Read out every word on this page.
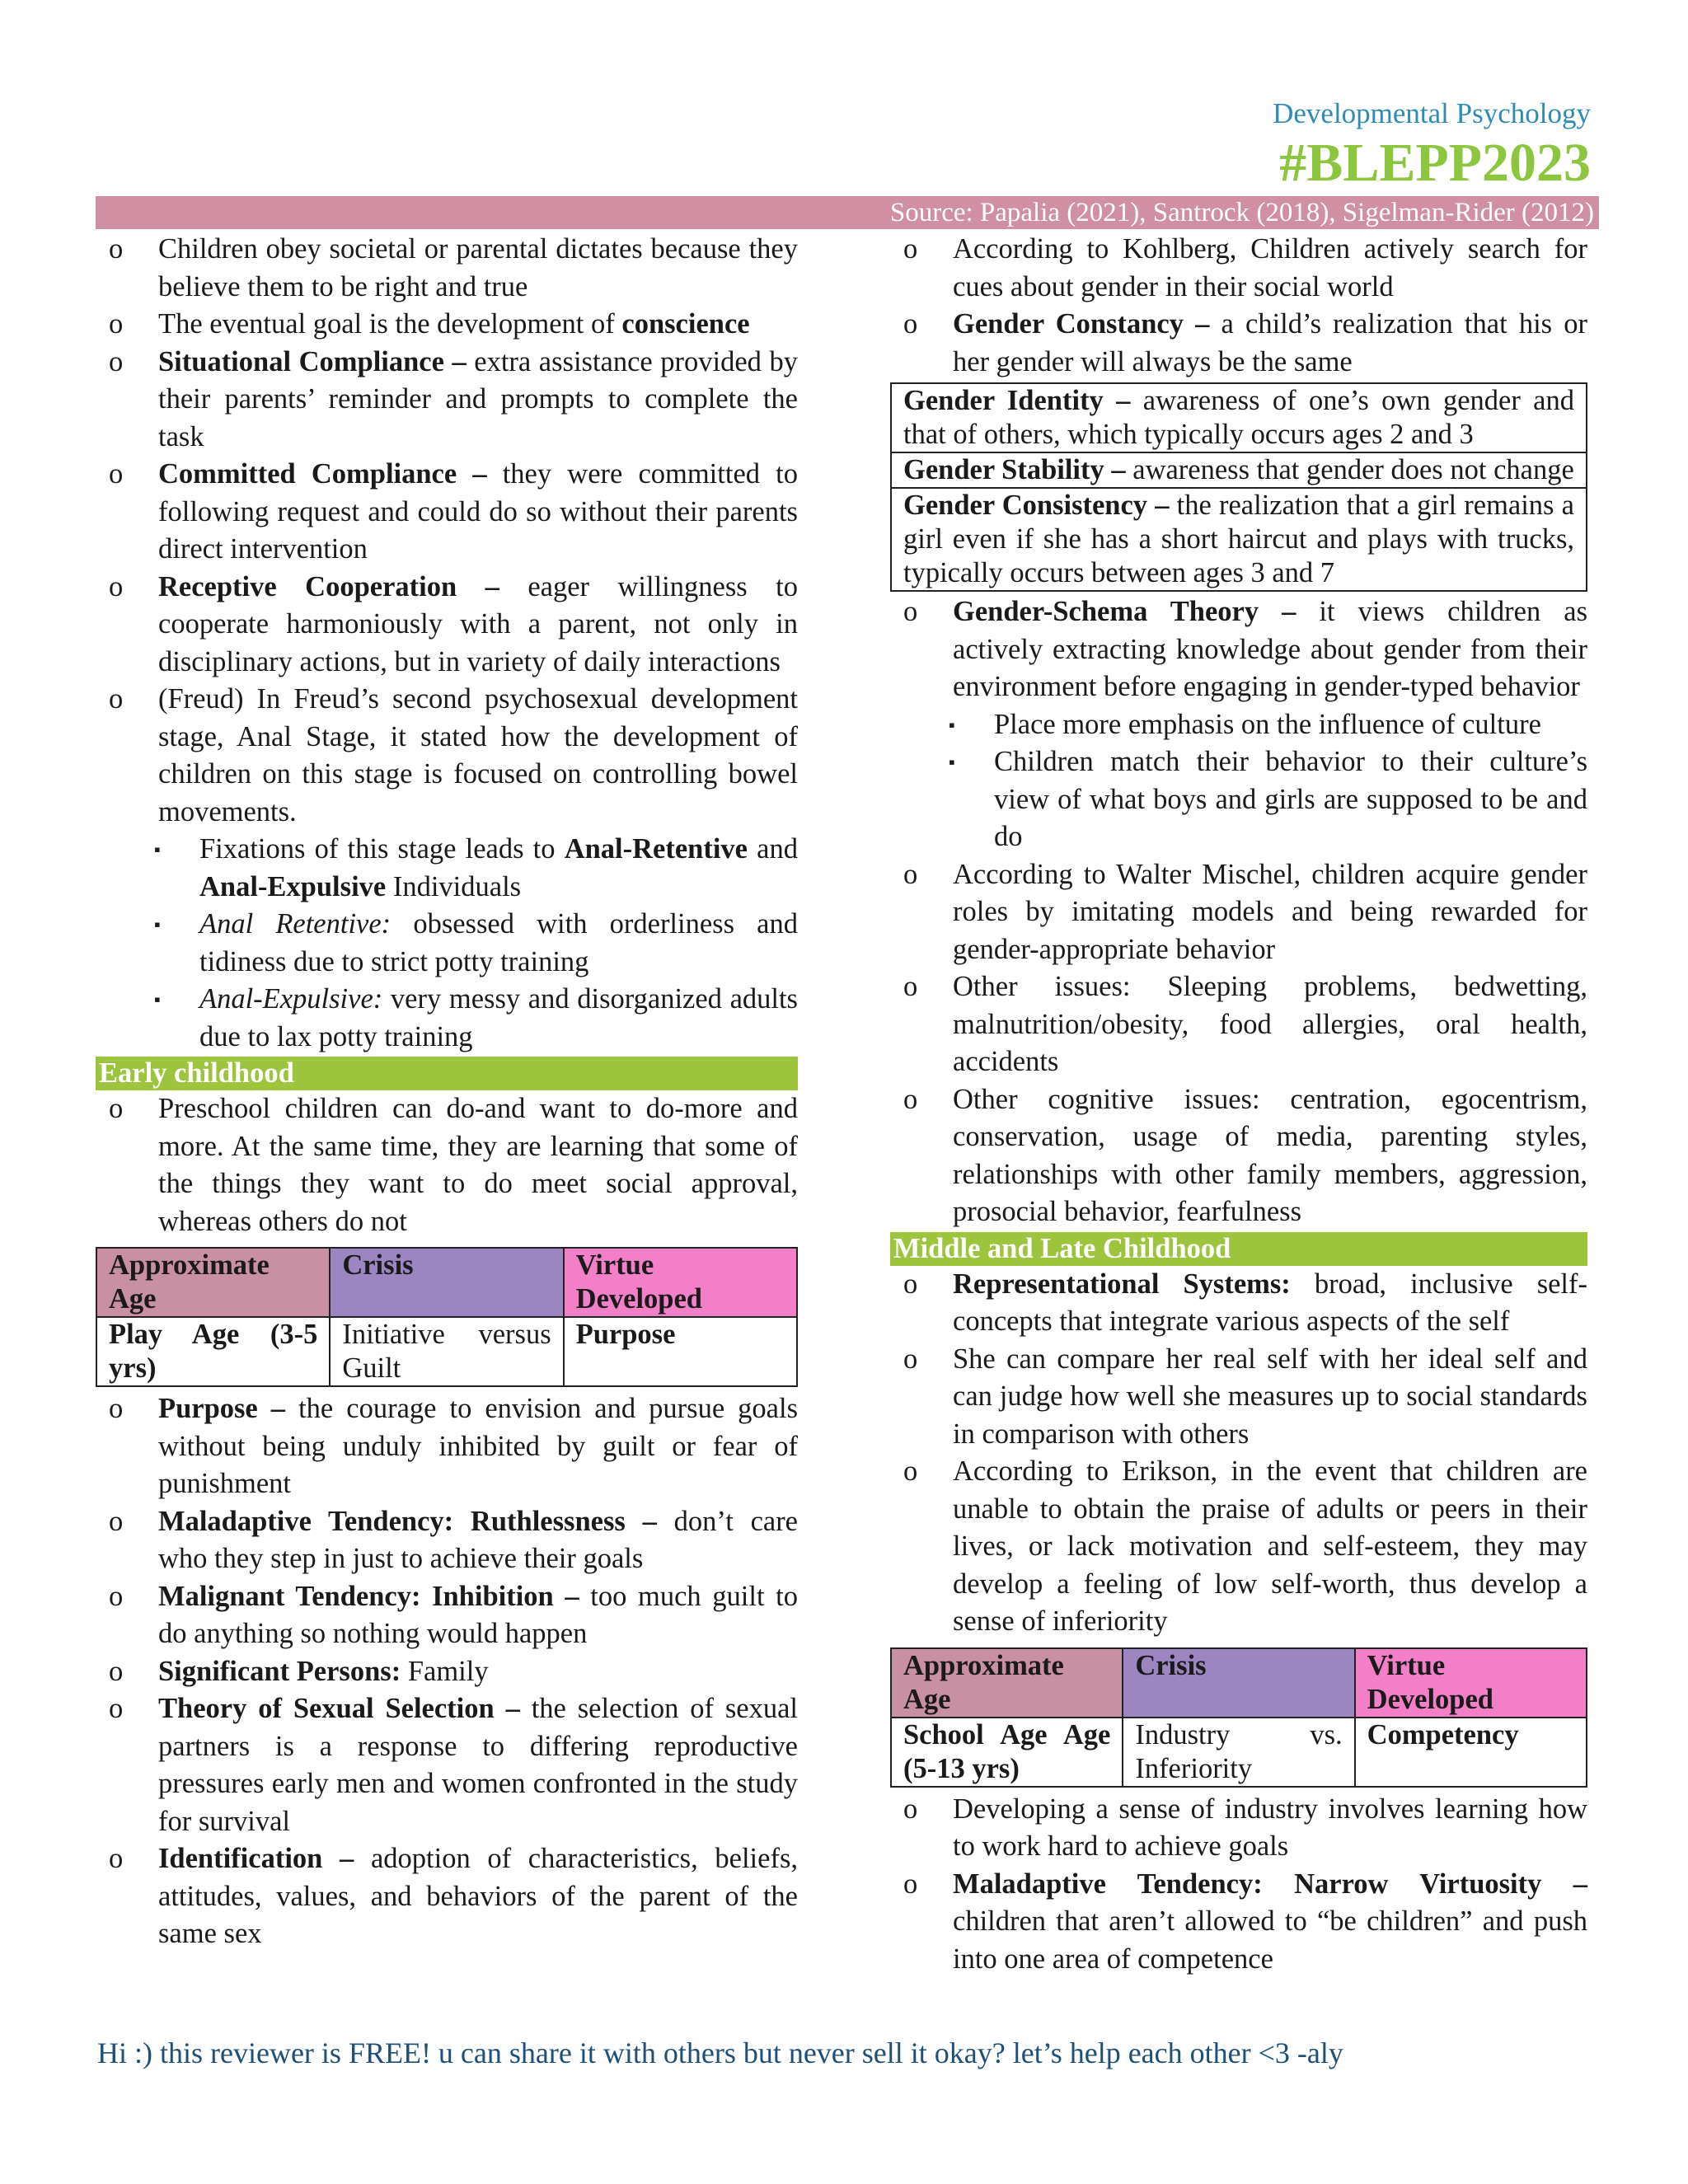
Developmental Psychology
#BLEPP2023
Source: Papalia (2021), Santrock (2018), Sigelman-Rider (2012)
o Children obey societal or parental dictates because they believe them to be right and true
o The eventual goal is the development of conscience
o Situational Compliance – extra assistance provided by their parents’ reminder and prompts to complete the task
o Committed Compliance – they were committed to following request and could do so without their parents direct intervention
o Receptive Cooperation – eager willingness to cooperate harmoniously with a parent, not only in disciplinary actions, but in variety of daily interactions
o (Freud) In Freud’s second psychosexual development stage, Anal Stage, it stated how the development of children on this stage is focused on controlling bowel movements.
▪ Fixations of this stage leads to Anal-Retentive and Anal-Expulsive Individuals
▪ Anal Retentive: obsessed with orderliness and tidiness due to strict potty training
▪ Anal-Expulsive: very messy and disorganized adults due to lax potty training
Early childhood
o Preschool children can do-and want to do-more and more. At the same time, they are learning that some of the things they want to do meet social approval, whereas others do not
Approximate Age	Crisis	Virtue Developed
Play Age (3-5 yrs)	Initiative versus Guilt	Purpose
o Purpose – the courage to envision and pursue goals without being unduly inhibited by guilt or fear of punishment
o Maladaptive Tendency: Ruthlessness – don’t care who they step in just to achieve their goals
o Malignant Tendency: Inhibition – too much guilt to do anything so nothing would happen
o Significant Persons: Family
o Theory of Sexual Selection – the selection of sexual partners is a response to differing reproductive pressures early men and women confronted in the study for survival
o Identification – adoption of characteristics, beliefs, attitudes, values, and behaviors of the parent of the same sex
o According to Kohlberg, Children actively search for cues about gender in their social world
o Gender Constancy – a child’s realization that his or her gender will always be the same
Gender Identity – awareness of one’s own gender and that of others, which typically occurs ages 2 and 3
Gender Stability – awareness that gender does not change
Gender Consistency – the realization that a girl remains a girl even if she has a short haircut and plays with trucks, typically occurs between ages 3 and 7
o Gender-Schema Theory – it views children as actively extracting knowledge about gender from their environment before engaging in gender-typed behavior
▪ Place more emphasis on the influence of culture
▪ Children match their behavior to their culture’s view of what boys and girls are supposed to be and do
o According to Walter Mischel, children acquire gender roles by imitating models and being rewarded for gender-appropriate behavior
o Other issues: Sleeping problems, bedwetting, malnutrition/obesity, food allergies, oral health, accidents
o Other cognitive issues: centration, egocentrism, conservation, usage of media, parenting styles, relationships with other family members, aggression, prosocial behavior, fearfulness
Middle and Late Childhood
o Representational Systems: broad, inclusive self-concepts that integrate various aspects of the self
o She can compare her real self with her ideal self and can judge how well she measures up to social standards in comparison with others
o According to Erikson, in the event that children are unable to obtain the praise of adults or peers in their lives, or lack motivation and self-esteem, they may develop a feeling of low self-worth, thus develop a sense of inferiority
Approximate Age	Crisis	Virtue Developed
School Age Age (5-13 yrs)	Industry vs. Inferiority	Competency
o Developing a sense of industry involves learning how to work hard to achieve goals
o Maladaptive Tendency: Narrow Virtuosity – children that aren’t allowed to “be children” and push into one area of competence
Hi :) this reviewer is FREE! u can share it with others but never sell it okay? let’s help each other <3 -aly
